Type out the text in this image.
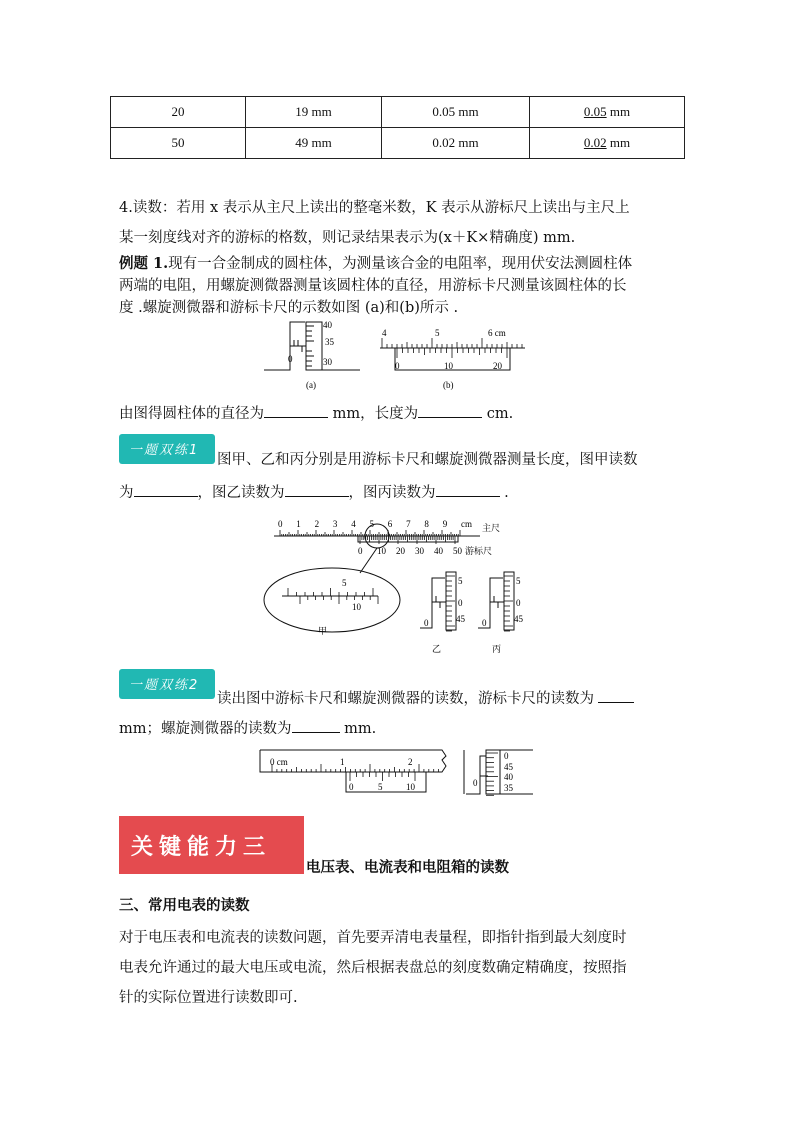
20	19 mm	0.05 mm	0.05 mm
50	49 mm	0.02 mm	0.02 mm
4.读数：若用 x 表示从主尺上读出的整毫米数，K 表示从游标尺上读出与主尺上
某一刻度线对齐的游标的格数，则记录结果表示为(x＋K×精确度) mm.
例题 1.现有一合金制成的圆柱体，为测量该合金的电阻率，现用伏安法测圆柱体
两端的电阻，用螺旋测微器测量该圆柱体的直径，用游标卡尺测量该圆柱体的长
度 .螺旋测微器和游标卡尺的示数如图 (a)和(b)所示 .
40
35
30
0
(a)
4	5	6 cm
0	10	20
(b)
由图得圆柱体的直径为	mm，长度为	cm.
一题双练1
图甲、乙和丙分别是用游标卡尺和螺旋测微器测量长度，图甲读数
为	，图乙读数为	，图丙读数为	.
0 1 2 3 4 5 6 7 8 9 cm 主尺
0 10 20 30 40 50 游标尺
5
10
甲
5
0
45
0
乙
5
0
45
0
丙
一题双练2
读出图中游标卡尺和螺旋测微器的读数，游标卡尺的读数为
mm；螺旋测微器的读数为	mm.
0 cm	1	2
0	5	10
0
45
40
35
0
关键能力三
电压表、电流表和电阻箱的读数
三、常用电表的读数
对于电压表和电流表的读数问题，首先要弄清电表量程，即指针指到最大刻度时
电表允许通过的最大电压或电流，然后根据表盘总的刻度数确定精确度，按照指
针的实际位置进行读数即可.
